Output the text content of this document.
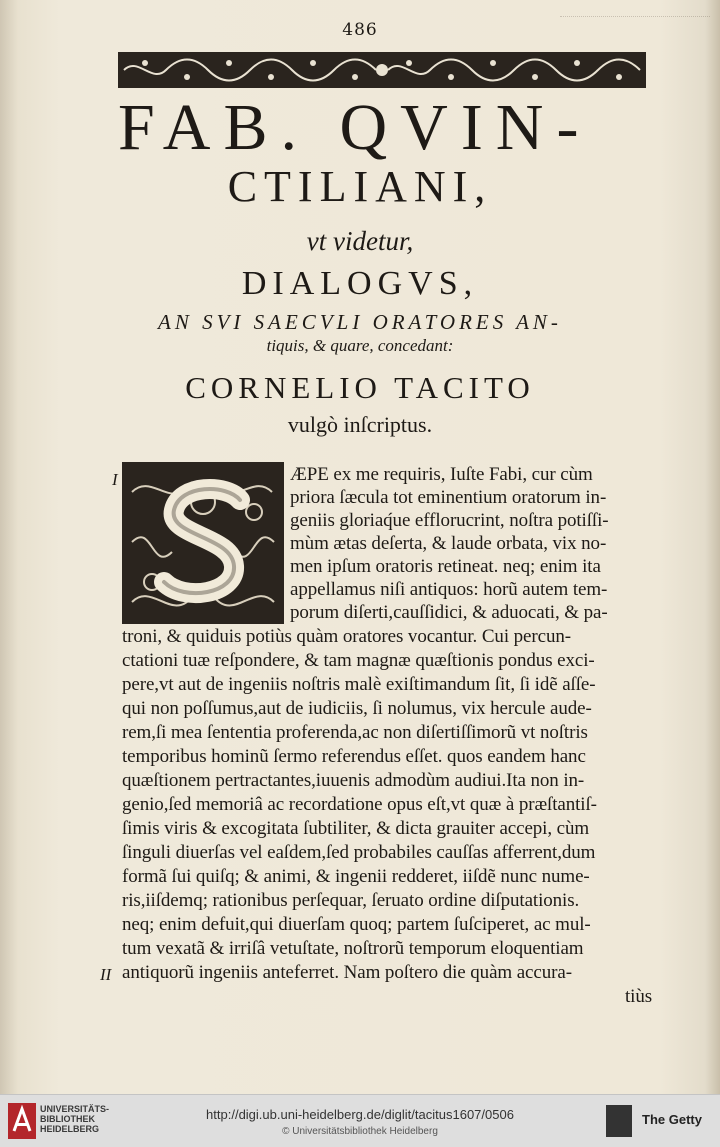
486
FAB. QVIN-
CTILIANI,
vt videtur,
DIALOGVS,
AN SVI SAECVLI ORATORES AN-
tiquis, & quare, concedant:
CORNELIO TACITO
vulgò inſcriptus.
I
II
ÆPE ex me requiris, Iuſte Fabi, cur cùm
priora ſæcula tot eminentium oratorum in-
geniis gloriaq́ue efflorucrint, noſtra potiſſi-
mùm ætas deſerta, & laude orbata, vix no-
men ipſum oratoris retineat. neq; enim ita
appellamus niſi antiquos: horũ autem tem-
porum diſerti,cauſſidici, & aduocati, & pa-
troni, & quiduis potiùs quàm oratores vocantur. Cui percun-
ctationi tuæ reſpondere, & tam magnæ quæſtionis pondus exci-
pere,vt aut de ingeniis noſtris malè exiſtimandum ſit, ſi idẽ aſſe-
qui non poſſumus,aut de iudiciis, ſi nolumus, vix hercule aude-
rem,ſi mea ſententia proferenda,ac non diſertiſſimorũ vt noſtris
temporibus hominũ ſermo referendus eſſet. quos eandem hanc
quæſtionem pertractantes,iuuenis admodùm audiui.Ita non in-
genio,ſed memoriâ ac recordatione opus eſt,vt quæ à præſtantiſ-
ſimis viris & excogitata ſubtiliter, & dicta grauiter accepi, cùm
ſinguli diuerſas vel eaſdem,ſed probabiles cauſſas afferrent,dum
formã ſui quiſq; & animi, & ingenii redderet, iiſdẽ nunc nume-
ris,iiſdemq; rationibus perſequar, ſeruato ordine diſputationis.
neq; enim defuit,qui diuerſam quoq; partem ſuſciperet, ac mul-
tum vexatã & irriſâ vetuſtate, noſtrorũ temporum eloquentiam
antiquorũ ingeniis anteferret. Nam poſtero die quàm accura-
tiùs
UNIVERSITÄTS-BIBLIOTHEK HEIDELBERG
http://digi.ub.uni-heidelberg.de/diglit/tacitus1607/0506
© Universitätsbibliothek Heidelberg
The Getty
